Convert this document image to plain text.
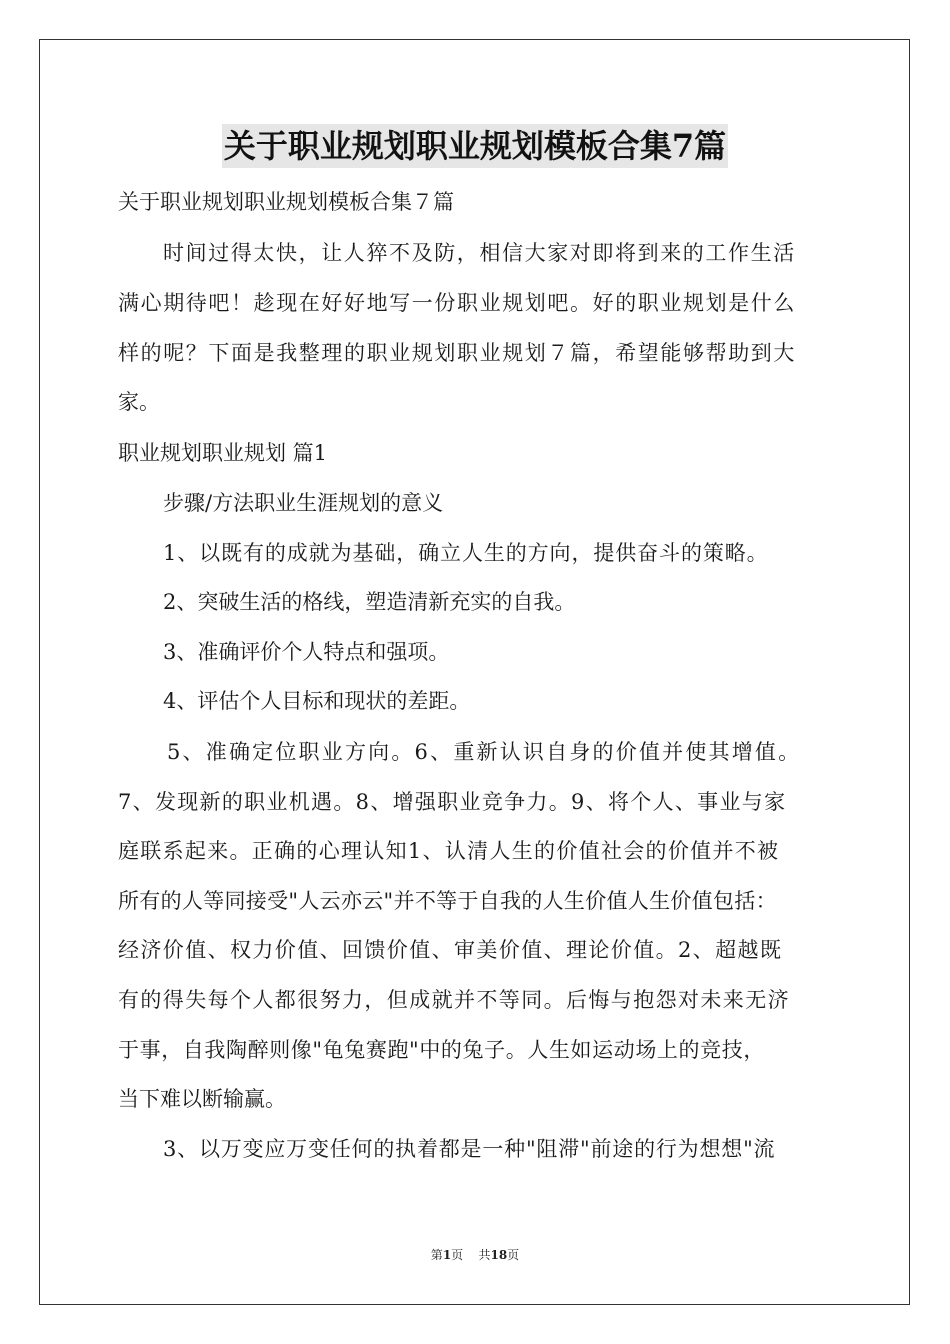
关于职业规划职业规划模板合集7篇
关于职业规划职业规划模板合集７篇
时间过得太快，让人猝不及防，相信大家对即将到来的工作生活
满心期待吧！趁现在好好地写一份职业规划吧。好的职业规划是什么
样的呢？下面是我整理的职业规划职业规划７篇，希望能够帮助到大
家。
职业规划职业规划 篇1
步骤/方法职业生涯规划的意义
1、以既有的成就为基础，确立人生的方向，提供奋斗的策略。
2、突破生活的格线，塑造清新充实的自我。
3、准确评价个人特点和强项。
4、评估个人目标和现状的差距。
5、准确定位职业方向。6、重新认识自身的价值并使其增值。
7、发现新的职业机遇。8、增强职业竞争力。9、将个人、事业与家
庭联系起来。正确的心理认知1、认清人生的价值社会的价值并不被
所有的人等同接受"人云亦云"并不等于自我的人生价值人生价值包括：
经济价值、权力价值、回馈价值、审美价值、理论价值。2、超越既
有的得失每个人都很努力，但成就并不等同。后悔与抱怨对未来无济
于事，自我陶醉则像"龟兔赛跑"中的兔子。人生如运动场上的竞技，
当下难以断输赢。
3、以万变应万变任何的执着都是一种"阻滞"前途的行为想想"流
第1页 共18页
